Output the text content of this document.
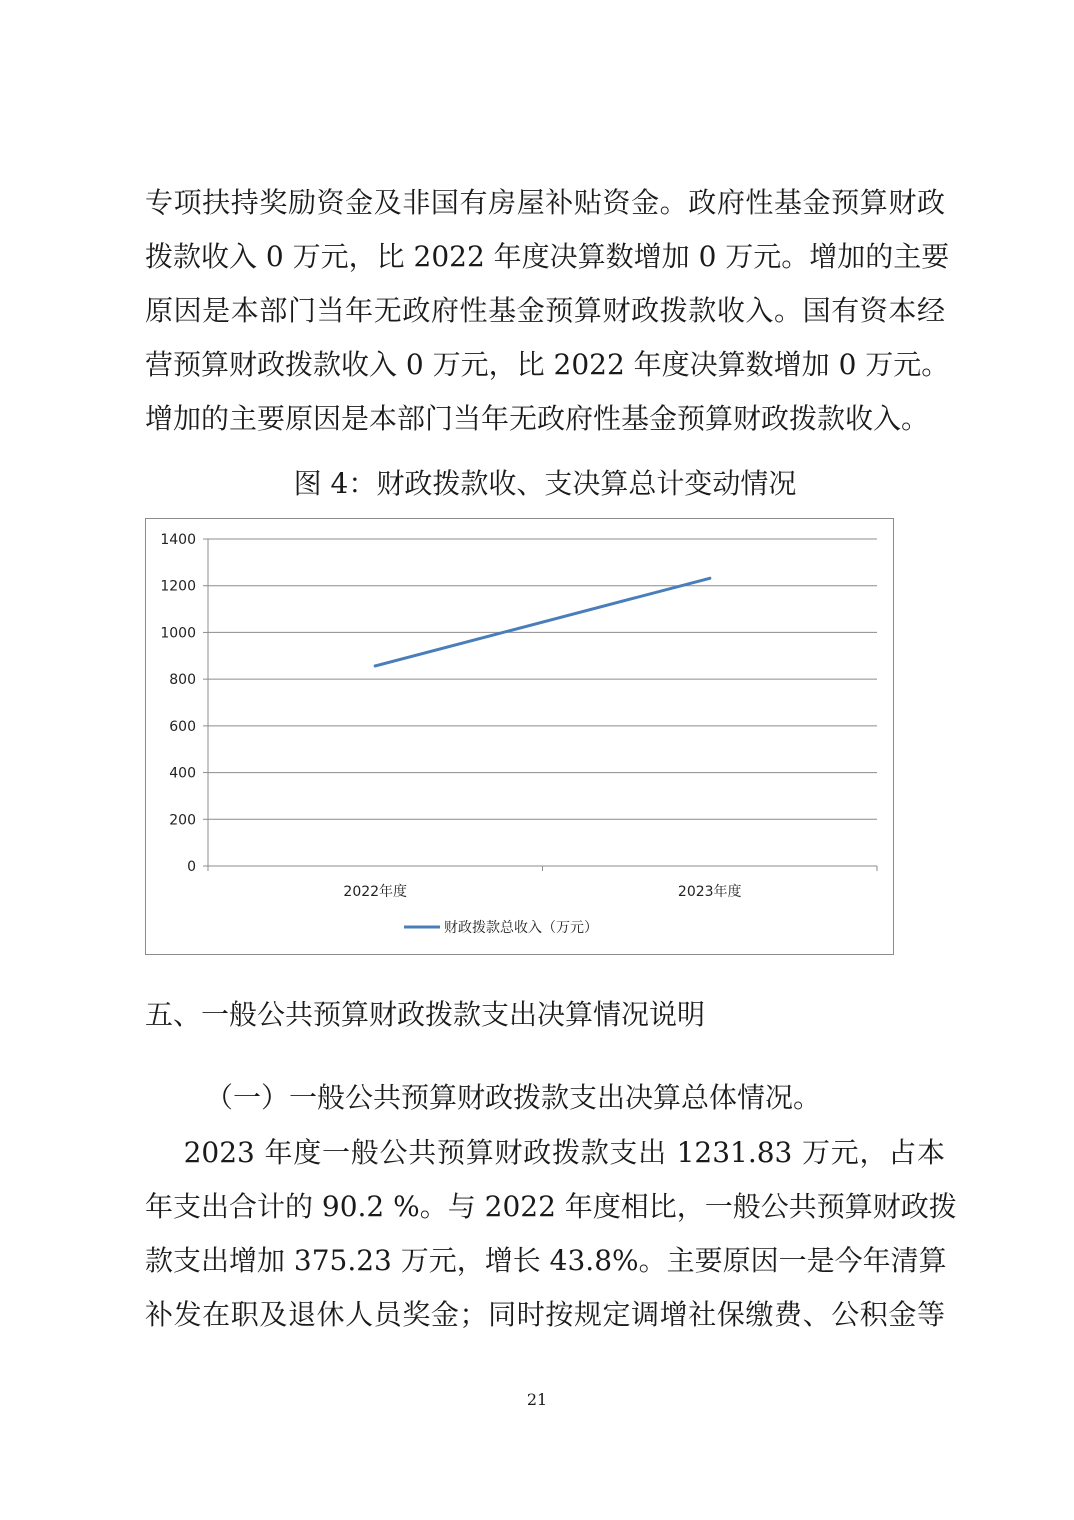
专项扶持奖励资金及非国有房屋补贴资金。政府性基金预算财政
拨款收入 0 万元，比 2022 年度决算数增加 0 万元。增加的主要
原因是本部门当年无政府性基金预算财政拨款收入。国有资本经
营预算财政拨款收入 0 万元，比 2022 年度决算数增加 0 万元。
增加的主要原因是本部门当年无政府性基金预算财政拨款收入。
图 4：财政拨款收、支决算总计变动情况
0
200
400
600
800
1000
1200
1400
2022年度	2023年度
财政拨款总收入（万元）
五、一般公共预算财政拨款支出决算情况说明
（一）一般公共预算财政拨款支出决算总体情况。
2023 年度一般公共预算财政拨款支出 1231.83 万元，占本
年支出合计的 90.2 %。与 2022 年度相比，一般公共预算财政拨
款支出增加 375.23 万元，增长 43.8%。主要原因一是今年清算
补发在职及退休人员奖金；同时按规定调增社保缴费、公积金等
21
